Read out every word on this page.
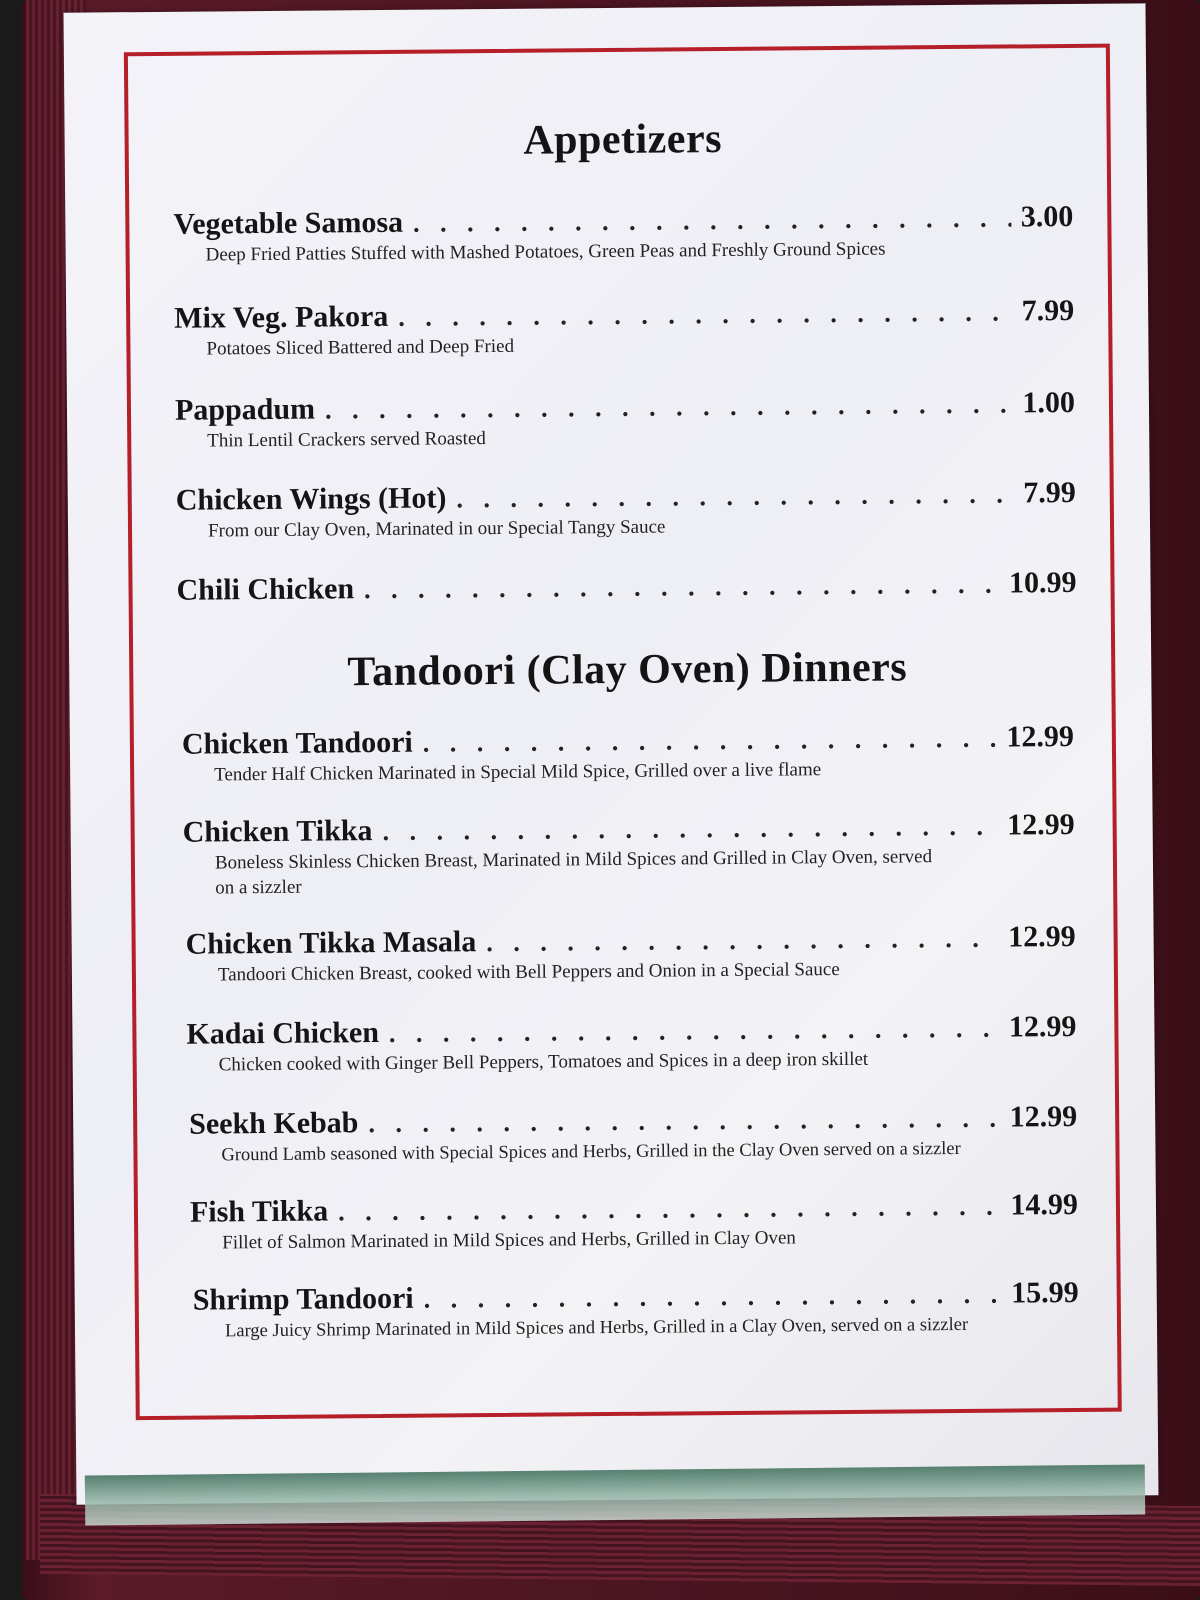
Appetizers
Vegetable Samosa . . .	3.00
Deep Fried Patties Stuffed with Mashed Potatoes, Green Peas and Freshly Ground Spices
Mix Veg. Pakora . . .	7.99
Potatoes Sliced Battered and Deep Fried
Pappadum . . .	1.00
Thin Lentil Crackers served Roasted
Chicken Wings (Hot) . . .	7.99
From our Clay Oven, Marinated in our Special Tangy Sauce
Chili Chicken . . .	10.99
Tandoori (Clay Oven) Dinners
Chicken Tandoori . . .	12.99
Tender Half Chicken Marinated in Special Mild Spice, Grilled over a live flame
Chicken Tikka . . .	12.99
Boneless Skinless Chicken Breast, Marinated in Mild Spices and Grilled in Clay Oven, served on a sizzler
Chicken Tikka Masala . . .	12.99
Tandoori Chicken Breast, cooked with Bell Peppers and Onion in a Special Sauce
Kadai Chicken . . .	12.99
Chicken cooked with Ginger Bell Peppers, Tomatoes and Spices in a deep iron skillet
Seekh Kebab . . .	12.99
Ground Lamb seasoned with Special Spices and Herbs, Grilled in the Clay Oven served on a sizzler
Fish Tikka . . .	14.99
Fillet of Salmon Marinated in Mild Spices and Herbs, Grilled in Clay Oven
Shrimp Tandoori . . .	15.99
Large Juicy Shrimp Marinated in Mild Spices and Herbs, Grilled in a Clay Oven, served on a sizzler
